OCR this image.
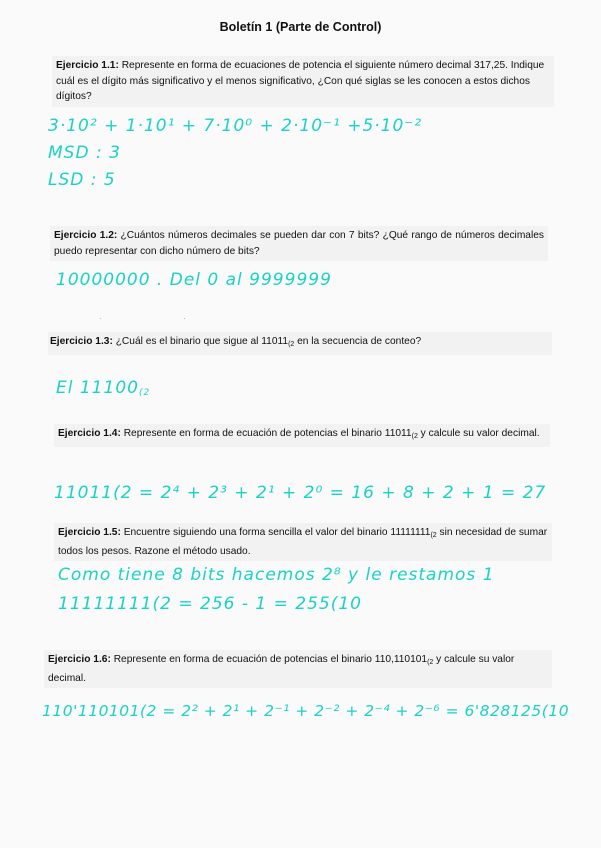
Boletín 1 (Parte de Control)
Ejercicio 1.1: Represente en forma de ecuaciones de potencia el siguiente número decimal 317,25. Indique cuál es el dígito más significativo y el menos significativo, ¿Con qué siglas se les conocen a estos dichos dígitos?
3·10² + 1·10¹ + 7·10⁰ + 2·10⁻¹ +5·10⁻²
MSD : 3
LSD : 5
Ejercicio 1.2: ¿Cuántos números decimales se pueden dar con 7 bits? ¿Qué rango de números decimales puedo representar con dicho número de bits?
10000000 . Del 0 al 9999999
. .
Ejercicio 1.3: ¿Cuál es el binario que sigue al $11011_{(2}$ en la secuencia de conteo?
El $11100_{(2}$
Ejercicio 1.4: Represente en forma de ecuación de potencias el binario $11011_{(2}$ y calcule su valor decimal.
11011(2 = 2⁴ + 2³ + 2¹ + 2⁰ = 16 + 8 + 2 + 1 = 27
Ejercicio 1.5: Encuentre siguiendo una forma sencilla el valor del binario $11111111_{(2}$ sin necesidad de sumar todos los pesos. Razone el método usado.
Como tiene 8 bits hacemos 2⁸ y le restamos 1
11111111(2 = 256 - 1 = 255(10
Ejercicio 1.6: Represente en forma de ecuación de potencias el binario $110,110101_{(2}$ y calcule su valor decimal.
110'110101(2 = 2² + 2¹ + 2⁻¹ + 2⁻² + 2⁻⁴ + 2⁻⁶ = 6'828125(10
